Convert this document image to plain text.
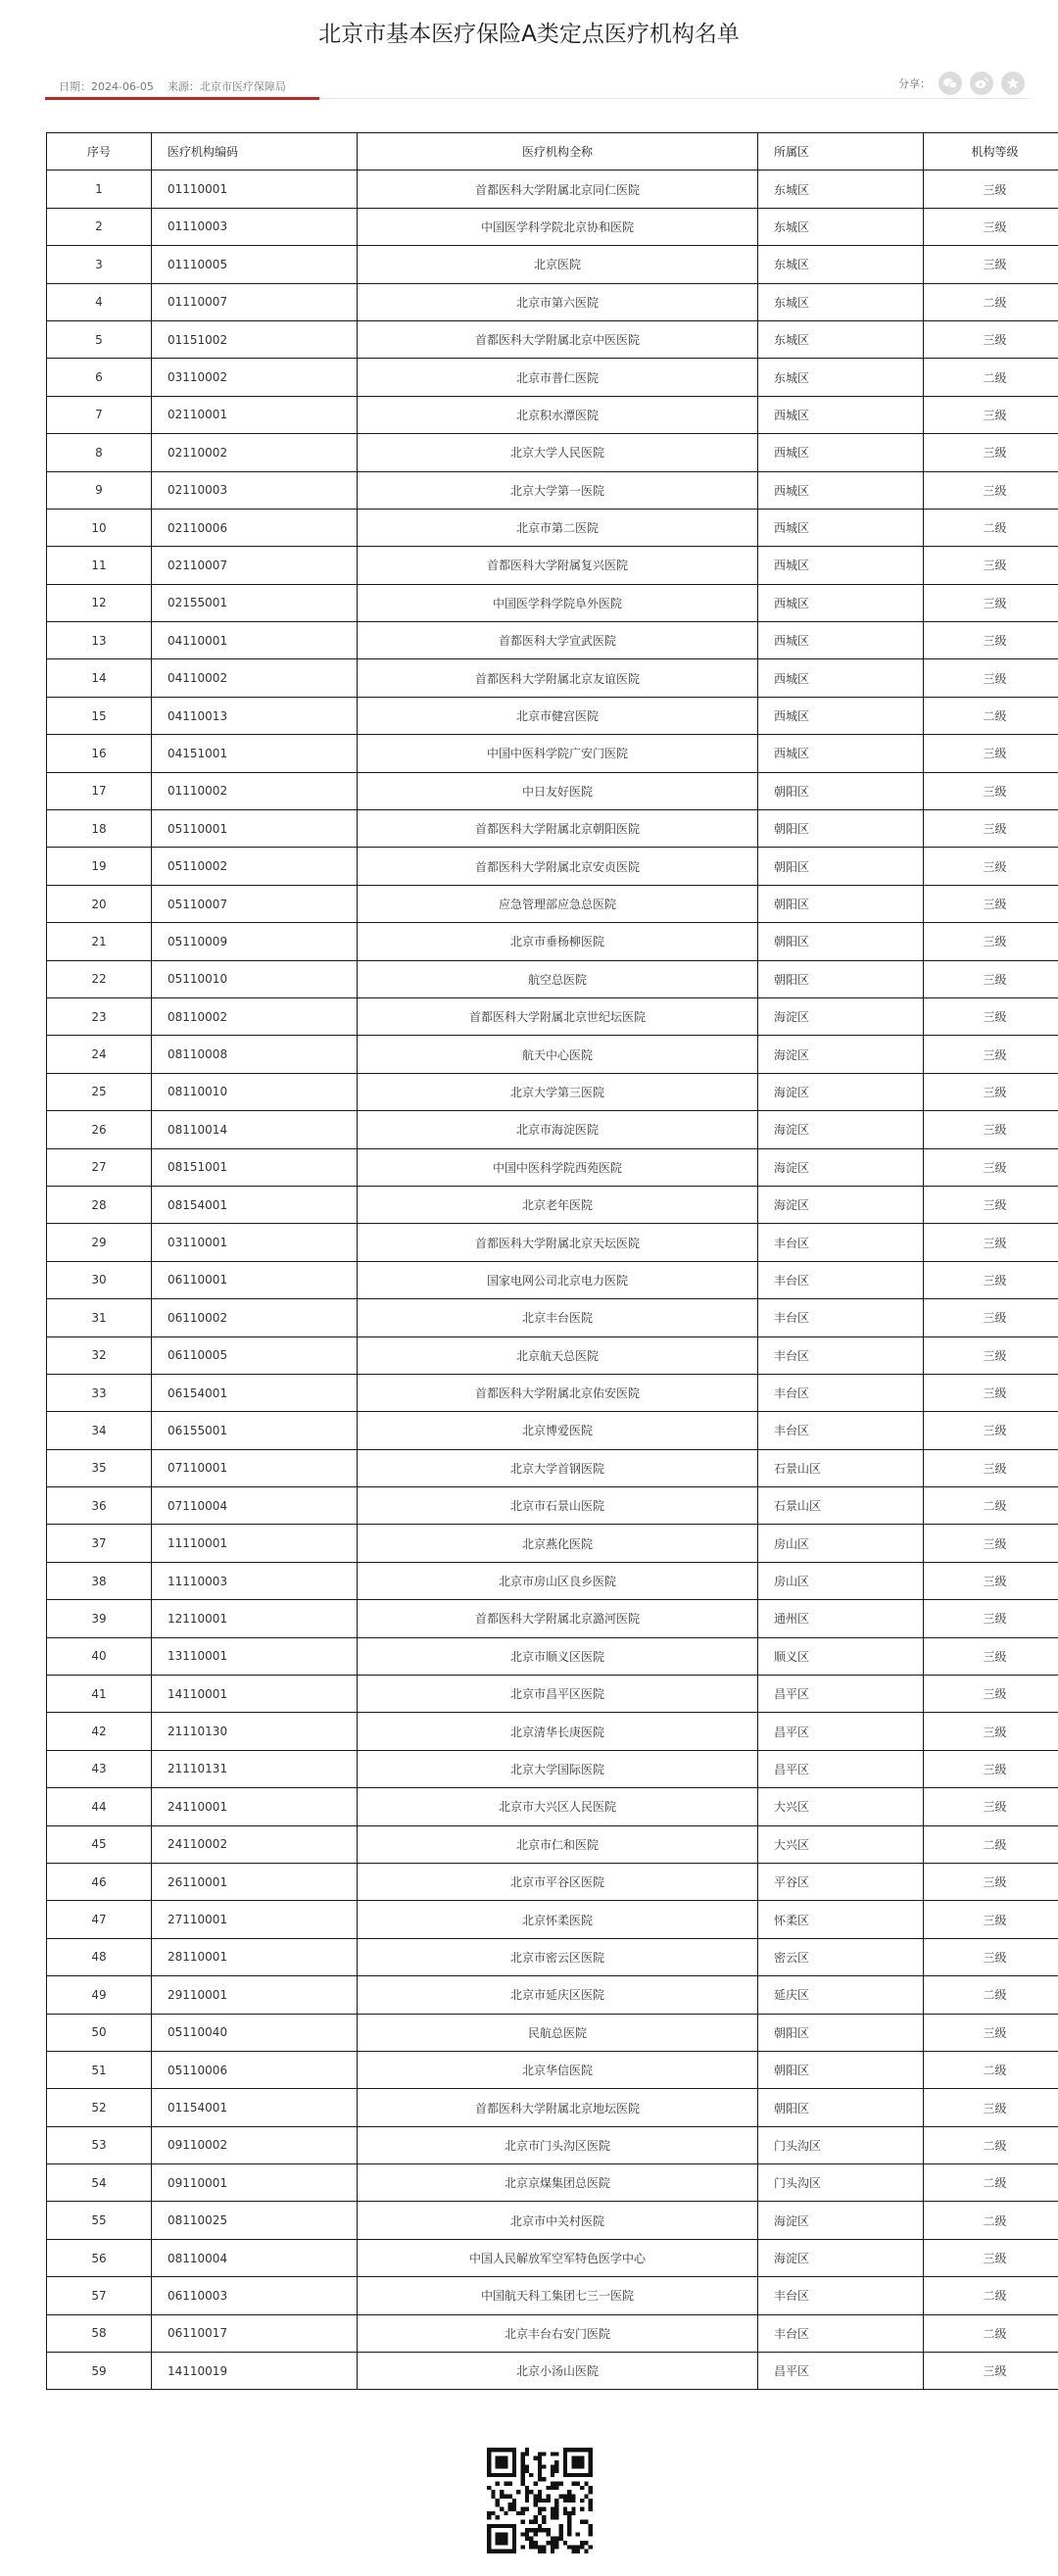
北京市基本医疗保险A类定点医疗机构名单
日期：2024-06-05 来源：北京市医疗保障局	分享：
序号	医疗机构编码	医疗机构全称	所属区	机构等级
1	01110001	首都医科大学附属北京同仁医院	东城区	三级
2	01110003	中国医学科学院北京协和医院	东城区	三级
3	01110005	北京医院	东城区	三级
4	01110007	北京市第六医院	东城区	二级
5	01151002	首都医科大学附属北京中医医院	东城区	三级
6	03110002	北京市普仁医院	东城区	二级
7	02110001	北京积水潭医院	西城区	三级
8	02110002	北京大学人民医院	西城区	三级
9	02110003	北京大学第一医院	西城区	三级
10	02110006	北京市第二医院	西城区	二级
11	02110007	首都医科大学附属复兴医院	西城区	三级
12	02155001	中国医学科学院阜外医院	西城区	三级
13	04110001	首都医科大学宣武医院	西城区	三级
14	04110002	首都医科大学附属北京友谊医院	西城区	三级
15	04110013	北京市健宫医院	西城区	二级
16	04151001	中国中医科学院广安门医院	西城区	三级
17	01110002	中日友好医院	朝阳区	三级
18	05110001	首都医科大学附属北京朝阳医院	朝阳区	三级
19	05110002	首都医科大学附属北京安贞医院	朝阳区	三级
20	05110007	应急管理部应急总医院	朝阳区	三级
21	05110009	北京市垂杨柳医院	朝阳区	三级
22	05110010	航空总医院	朝阳区	三级
23	08110002	首都医科大学附属北京世纪坛医院	海淀区	三级
24	08110008	航天中心医院	海淀区	三级
25	08110010	北京大学第三医院	海淀区	三级
26	08110014	北京市海淀医院	海淀区	三级
27	08151001	中国中医科学院西苑医院	海淀区	三级
28	08154001	北京老年医院	海淀区	三级
29	03110001	首都医科大学附属北京天坛医院	丰台区	三级
30	06110001	国家电网公司北京电力医院	丰台区	三级
31	06110002	北京丰台医院	丰台区	三级
32	06110005	北京航天总医院	丰台区	三级
33	06154001	首都医科大学附属北京佑安医院	丰台区	三级
34	06155001	北京博爱医院	丰台区	三级
35	07110001	北京大学首钢医院	石景山区	三级
36	07110004	北京市石景山医院	石景山区	二级
37	11110001	北京燕化医院	房山区	三级
38	11110003	北京市房山区良乡医院	房山区	三级
39	12110001	首都医科大学附属北京潞河医院	通州区	三级
40	13110001	北京市顺义区医院	顺义区	三级
41	14110001	北京市昌平区医院	昌平区	三级
42	21110130	北京清华长庚医院	昌平区	三级
43	21110131	北京大学国际医院	昌平区	三级
44	24110001	北京市大兴区人民医院	大兴区	三级
45	24110002	北京市仁和医院	大兴区	二级
46	26110001	北京市平谷区医院	平谷区	三级
47	27110001	北京怀柔医院	怀柔区	三级
48	28110001	北京市密云区医院	密云区	三级
49	29110001	北京市延庆区医院	延庆区	二级
50	05110040	民航总医院	朝阳区	三级
51	05110006	北京华信医院	朝阳区	二级
52	01154001	首都医科大学附属北京地坛医院	朝阳区	三级
53	09110002	北京市门头沟区医院	门头沟区	二级
54	09110001	北京京煤集团总医院	门头沟区	二级
55	08110025	北京市中关村医院	海淀区	二级
56	08110004	中国人民解放军空军特色医学中心	海淀区	三级
57	06110003	中国航天科工集团七三一医院	丰台区	二级
58	06110017	北京丰台右安门医院	丰台区	二级
59	14110019	北京小汤山医院	昌平区	三级
